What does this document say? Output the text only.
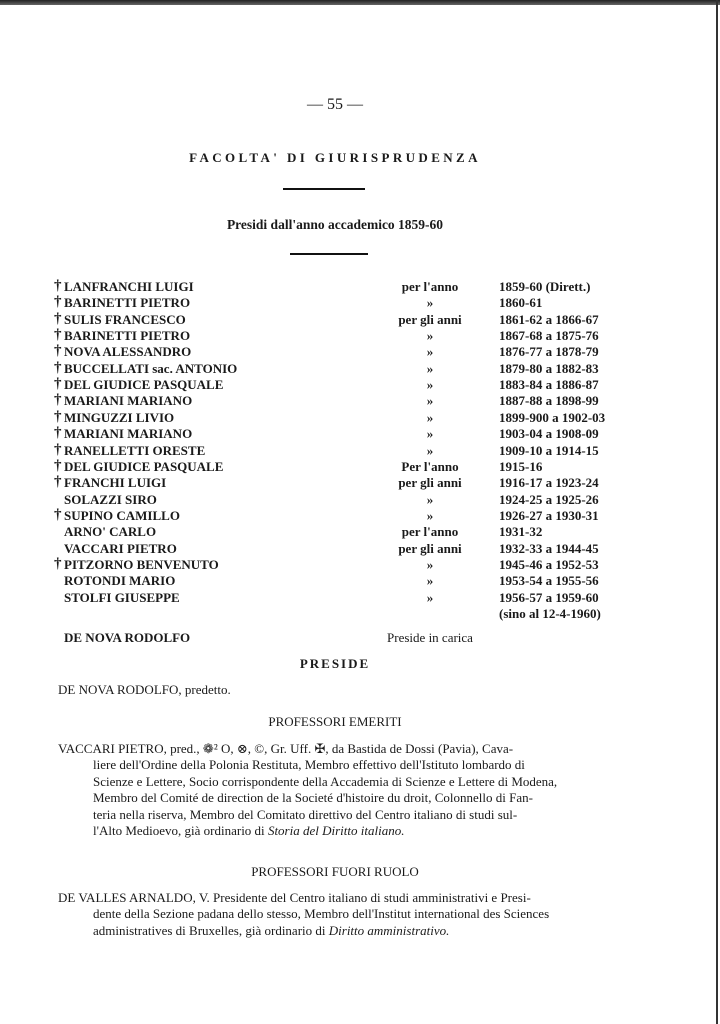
— 55 —
FACOLTA' DI GIURISPRUDENZA
Presidi dall'anno accademico 1859-60
† LANFRANCHI LUIGI	per l'anno	1859-60 (Dirett.)
† BARINETTI PIETRO	»	1860-61
† SULIS FRANCESCO	per gli anni	1861-62 a 1866-67
† BARINETTI PIETRO	»	1867-68 a 1875-76
† NOVA ALESSANDRO	»	1876-77 a 1878-79
† BUCCELLATI sac. ANTONIO	»	1879-80 a 1882-83
† DEL GIUDICE PASQUALE	»	1883-84 a 1886-87
† MARIANI MARIANO	»	1887-88 a 1898-99
† MINGUZZI LIVIO	»	1899-900 a 1902-03
† MARIANI MARIANO	»	1903-04 a 1908-09
† RANELLETTI ORESTE	»	1909-10 a 1914-15
† DEL GIUDICE PASQUALE	Per l'anno	1915-16
† FRANCHI LUIGI	per gli anni	1916-17 a 1923-24
SOLAZZI SIRO	»	1924-25 a 1925-26
† SUPINO CAMILLO	»	1926-27 a 1930-31
ARNO' CARLO	per l'anno	1931-32
VACCARI PIETRO	per gli anni	1932-33 a 1944-45
† PITZORNO BENVENUTO	»	1945-46 a 1952-53
ROTONDI MARIO	»	1953-54 a 1955-56
STOLFI GIUSEPPE	»	1956-57 a 1959-60
(sino al 12-4-1960)
DE NOVA RODOLFO	Preside in carica
PRESIDE
DE NOVA RODOLFO, predetto.
PROFESSORI EMERITI
VACCARI PIETRO, pred., ❁² O, ⊗, ©, Gr. Uff. ✠, da Bastida de Dossi (Pavia), Cava-
liere dell'Ordine della Polonia Restituta, Membro effettivo dell'Istituto lombardo di
Scienze e Lettere, Socio corrispondente della Accademia di Scienze e Lettere di Modena,
Membro del Comité de direction de la Societé d'histoire du droit, Colonnello di Fan-
teria nella riserva, Membro del Comitato direttivo del Centro italiano di studi sul-
l'Alto Medioevo, già ordinario di Storia del Diritto italiano.
PROFESSORI FUORI RUOLO
DE VALLES ARNALDO, V. Presidente del Centro italiano di studi amministrativi e Presi-
dente della Sezione padana dello stesso, Membro dell'Institut international des Sciences
administratives di Bruxelles, già ordinario di Diritto amministrativo.
